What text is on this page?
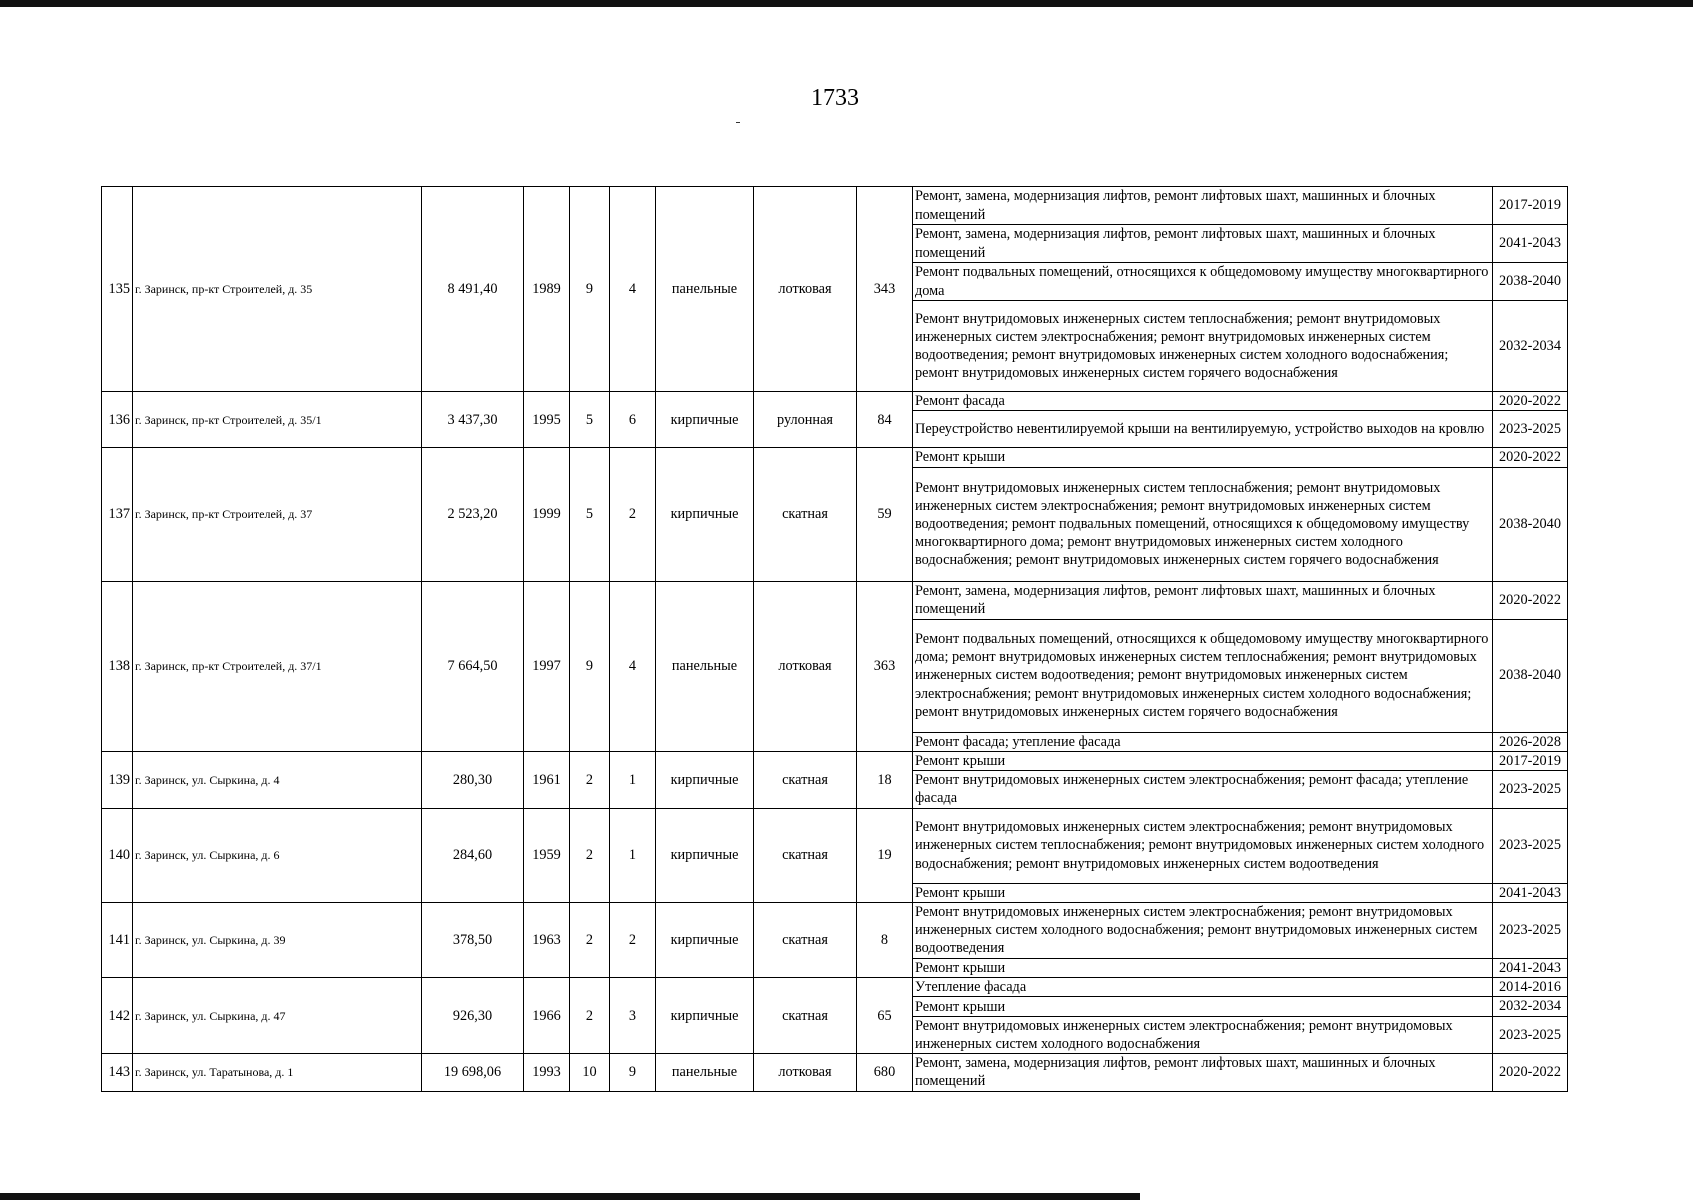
1733
135	г. Заринск, пр-кт Строителей, д. 35	8 491,40	1989	9	4	панельные	лотковая	343	Ремонт, замена, модернизация лифтов, ремонт лифтовых шахт, машинных и блочных помещений	2017-2019
									Ремонт, замена, модернизация лифтов, ремонт лифтовых шахт, машинных и блочных помещений	2041-2043
									Ремонт подвальных помещений, относящихся к общедомовому имуществу многоквартирного дома	2038-2040
									Ремонт внутридомовых инженерных систем теплоснабжения; ремонт внутридомовых инженерных систем электроснабжения; ремонт внутридомовых инженерных систем водоотведения; ремонт внутридомовых инженерных систем холодного водоснабжения; ремонт внутридомовых инженерных систем горячего водоснабжения	2032-2034
136	г. Заринск, пр-кт Строителей, д. 35/1	3 437,30	1995	5	6	кирпичные	рулонная	84	Ремонт фасада	2020-2022
									Переустройство невентилируемой крыши на вентилируемую, устройство выходов на кровлю	2023-2025
137	г. Заринск, пр-кт Строителей, д. 37	2 523,20	1999	5	2	кирпичные	скатная	59	Ремонт крыши	2020-2022
									Ремонт внутридомовых инженерных систем теплоснабжения; ремонт внутридомовых инженерных систем электроснабжения; ремонт внутридомовых инженерных систем водоотведения; ремонт подвальных помещений, относящихся к общедомовому имуществу многоквартирного дома; ремонт внутридомовых инженерных систем холодного водоснабжения; ремонт внутридомовых инженерных систем горячего водоснабжения	2038-2040
138	г. Заринск, пр-кт Строителей, д. 37/1	7 664,50	1997	9	4	панельные	лотковая	363	Ремонт, замена, модернизация лифтов, ремонт лифтовых шахт, машинных и блочных помещений	2020-2022
									Ремонт подвальных помещений, относящихся к общедомовому имуществу многоквартирного дома; ремонт внутридомовых инженерных систем теплоснабжения; ремонт внутридомовых инженерных систем водоотведения; ремонт внутридомовых инженерных систем электроснабжения; ремонт внутридомовых инженерных систем холодного водоснабжения; ремонт внутридомовых инженерных систем горячего водоснабжения	2038-2040
									Ремонт фасада; утепление фасада	2026-2028
139	г. Заринск, ул. Сыркина, д. 4	280,30	1961	2	1	кирпичные	скатная	18	Ремонт крыши	2017-2019
									Ремонт внутридомовых инженерных систем электроснабжения; ремонт фасада; утепление фасада	2023-2025
140	г. Заринск, ул. Сыркина, д. 6	284,60	1959	2	1	кирпичные	скатная	19	Ремонт внутридомовых инженерных систем электроснабжения; ремонт внутридомовых инженерных систем теплоснабжения; ремонт внутридомовых инженерных систем холодного водоснабжения; ремонт внутридомовых инженерных систем водоотведения	2023-2025
									Ремонт крыши	2041-2043
141	г. Заринск, ул. Сыркина, д. 39	378,50	1963	2	2	кирпичные	скатная	8	Ремонт внутридомовых инженерных систем электроснабжения; ремонт внутридомовых инженерных систем холодного водоснабжения; ремонт внутридомовых инженерных систем водоотведения	2023-2025
									Ремонт крыши	2041-2043
142	г. Заринск, ул. Сыркина, д. 47	926,30	1966	2	3	кирпичные	скатная	65	Утепление фасада	2014-2016
									Ремонт крыши	2032-2034
									Ремонт внутридомовых инженерных систем электроснабжения; ремонт внутридомовых инженерных систем холодного водоснабжения	2023-2025
143	г. Заринск, ул. Таратынова, д. 1	19 698,06	1993	10	9	панельные	лотковая	680	Ремонт, замена, модернизация лифтов, ремонт лифтовых шахт, машинных и блочных помещений	2020-2022
